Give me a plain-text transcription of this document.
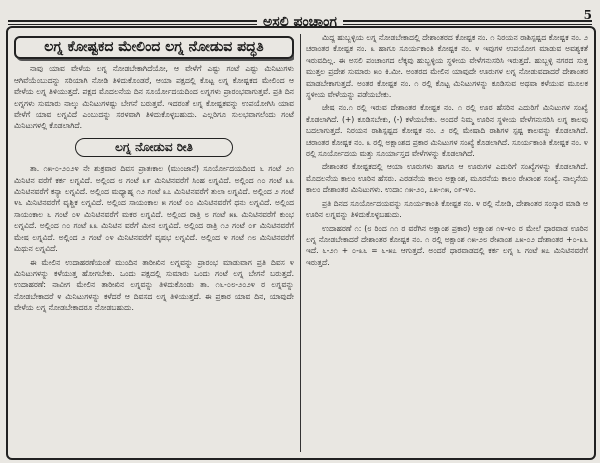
5
ಅಸಲಿ ಪಂಚಾಂಗ
ಲಗ್ನ ಕೋಷ್ಟಕದ ಮೇಲಿಂದ ಲಗ್ನ ನೋಡುವ ಪದ್ಧತಿ

ನಾವು ಯಾವ ವೇಳೆಯ ಲಗ್ನ ನೋಡಬೇಕಾಗಿದೆಯೋ, ಆ ವೇಳೆಗೆ ಎಷ್ಟು ಗಂಟೆ ಎಷ್ಟು ಮಿನಿಟುಗಳು ಆಗಿವೆಯೆಂಬುದನ್ನು ಸರಿಯಾಗಿ ನೋಡಿ ತಿಳಿದುಕೊಂಡರೆ, ಆಯಾ ಪಕ್ಷದಲ್ಲಿ ಕೊಟ್ಟ ಲಗ್ನ ಕೋಷ್ಟಕದ ಮೇಲಿಂದ ಆ ವೇಳೆಯ ಲಗ್ನ ತಿಳಿಯುತ್ತದೆ. ಪಕ್ಷದ ಮೊದಲನೆಯ ದಿನ ಸೂರ್ಯೋದಯದಿಂದ ಲಗ್ನಗಳು ಪ್ರಾರಂಭವಾಗುತ್ತವೆ. ಪ್ರತಿ ದಿನ ಲಗ್ನಗಳು ಸುಮಾರು ನಾಲ್ಕು ಮಿನಿಟುಗಳಷ್ಟು ಬೇಗನೆ ಬರುತ್ತವೆ. ಇದರಂತೆ ಲಗ್ನ ಕೋಷ್ಟಕವನ್ನು ಉಪಯೋಗಿಸಿ ಯಾವ ವೇಳೆಗೆ ಯಾವ ಲಗ್ನವಿದೆ ಎಂಬುದನ್ನು ಸರಳವಾಗಿ ತಿಳಿದುಕೊಳ್ಳಬಹುದು. ಎಲ್ಲರಿಗೂ ಸುಲಭವಾಗಲೆಂದು ಗಂಟೆ ಮಿನಿಟುಗಳಲ್ಲಿ ಕೊಡಲಾಗಿದೆ.

ಲಗ್ನ ನೋಡುವ ರೀತಿ

ತಾ. ೧೫-೦-೨೦೨೪ ನೇ ಶುಕ್ರವಾರ ದಿವಸ ಪ್ರಾತಃಕಾಲ (ಮುಂಜಾನೆ) ಸೂರ್ಯೋದಯದಿಂದ ೬ ಗಂಟೆ ೨೧ ಮಿನಿಟಿನ ವರೆಗೆ ಕರ್ಕ ಲಗ್ನವಿದೆ. ಅಲ್ಲಿಂದ ೮ ಗಂಟೆ ೩೯ ಮಿನಿಟಿನವರೆಗೆ ಸಿಂಹ ಲಗ್ನವಿದೆ. ಅಲ್ಲಿಂದ ೧೦ ಗಂಟೆ ೩೩ ಮಿನಿಟಿನವರೆಗೆ ಕನ್ಯಾ ಲಗ್ನವಿದೆ. ಅಲ್ಲಿಂದ ಮಧ್ಯಾಹ್ನ ೧೨ ಗಂಟೆ ೩೭ ಮಿನಿಟಿನವರೆಗೆ ತುಲಾ ಲಗ್ನವಿದೆ. ಅಲ್ಲಿಂದ ೨ ಗಂಟೆ ೪೬ ಮಿನಿಟಿನವರೆಗೆ ವೃಶ್ಚಿಕ ಲಗ್ನವಿದೆ. ಅಲ್ಲಿಂದ ಸಾಯಂಕಾಲ ೫ ಗಂಟೆ ೦೦ ಮಿನಿಟಿನವರೆಗೆ ಧನು ಲಗ್ನವಿದೆ. ಅಲ್ಲಿಂದ ಸಾಯಂಕಾಲ ೬ ಗಂಟೆ ೦೪ ಮಿನಿಟಿನವರೆಗೆ ಮಕರ ಲಗ್ನವಿದೆ. ಅಲ್ಲಿಂದ ರಾತ್ರಿ ೮ ಗಂಟೆ ೫೩ ಮಿನಿಟಿನವರೆಗೆ ಕುಂಭ ಲಗ್ನವಿದೆ. ಅಲ್ಲಿಂದ ೧೦ ಗಂಟೆ ೩೩ ಮಿನಿಟಿನ ವರೆಗೆ ಮೀನ ಲಗ್ನವಿದೆ. ಅಲ್ಲಿಂದ ರಾತ್ರಿ ೧೨ ಗಂಟೆ ೦೯ ಮಿನಿಟಿನವರೆಗೆ ಮೇಷ ಲಗ್ನವಿದೆ. ಅಲ್ಲಿಂದ ೨ ಗಂಟೆ ೦೪ ಮಿನಿಟಿನವರೆಗೆ ವೃಷಭ ಲಗ್ನವಿದೆ. ಅಲ್ಲಿಂದ ೪ ಗಂಟೆ ೧೮ ಮಿನಿಟಿನವರೆಗೆ ಮಿಥುನ ಲಗ್ನವಿದೆ.

ಈ ಮೇಲಿನ ಉದಾಹರಣೆಯಂತೆ ಮುಂದಿನ ತಾರೀಖಿನ ಲಗ್ನವನ್ನು ಪ್ರಾರಂಭ ಮಾಡುವಾಗ ಪ್ರತಿ ದಿವಸ ೪ ಮಿನಿಟುಗಳನ್ನು ಕಳೆಯುತ್ತ ಹೋಗಬೇಕು. ಒಂದು ಪಕ್ಷದಲ್ಲಿ ಸುಮಾರು ಒಂದು ಗಂಟೆ ಲಗ್ನ ಬೇಗನೆ ಬರುತ್ತದೆ. ಉದಾಹರಣೆ: ನಾವೀಗ ಮೇಲಿನ ತಾರೀಖಿನ ಲಗ್ನವನ್ನು ತಿಳಿದುಕೊಂಡು ತಾ. ೧೬-೦೮-೨೦೨೪ ರ ಲಗ್ನವನ್ನು ನೋಡಬೇಕಾದರೆ ೪ ಮಿನಿಟುಗಳನ್ನು ಕಳೆದರೆ ಆ ದಿವಸದ ಲಗ್ನ ತಿಳಿಯುತ್ತದೆ. ಈ ಪ್ರಕಾರ ಯಾವ ದಿನ, ಯಾವುದೇ ವೇಳೆಯ ಲಗ್ನ ನೋಡಬೇಕಾದರೂ ನೋಡಬಹುದು.

ಮಿದ್ದ ಹುಬ್ಬಳ್ಳಿಯ ಲಗ್ನ ನೋಡಬೇಕಾದಲ್ಲಿ ದೇಶಾಂತರದ ಕೋಷ್ಟಕ ನಂ. ೧ ನಿರಯನ ರಾಶಿಸ್ಪಷ್ಟದ ಕೋಷ್ಟಕ ನಂ. ೨ ಚರಾಂತರ ಕೋಷ್ಟಕ ನಂ. ೩ ಹಾಗೂ ಸೂರ್ಯಕಾಂತಿ ಕೋಷ್ಟಕ ನಂ. ೪ ಇವುಗಳ ಉಪಯೋಗ ಮಾಡುವ ಅವಶ್ಯಕತೆ ಇರುವದಿಲ್ಲ. ಈ ಅಸಲಿ ಪಂಚಾಂಗದ ಲೆಕ್ಕವು ಹುಬ್ಬಳ್ಳಿಯ ಸ್ಥಳೀಯ ವೇಳೆಗನುಸರಿಸಿ ಇರುತ್ತದೆ. ಹುಬ್ಬಳ್ಳಿ ನಗರದ ಸುತ್ತ ಮುತ್ತಲ ಪ್ರದೇಶ ಸುಮಾರು ೫೦ ಕಿ.ಮೀ. ಅಂತರದ ಮೇಲಿನ ಯಾವುದೇ ಊರುಗಳ ಲಗ್ನ ನೋಡುವದಾದರೆ ದೇಶಾಂತರ ಮಾಡಬೇಕಾಗುತ್ತದೆ. ಅಂತರ ಕೋಷ್ಟಕ ನಂ. ೧ ರಲ್ಲಿ ಕೊಟ್ಟ ಮಿನಿಟುಗಳನ್ನು ಕೂಡಿಸುವ ಅಥವಾ ಕಳೆಯುವ ಮೂಲಕ ಸ್ಥಳೀಯ ವೇಳೆಯನ್ನು ಪಡೆಯಬೇಕು.

ಜೇಷ ನಂ.೧ ರಲ್ಲಿ ಇರುವ ದೇಶಾಂತರ ಕೋಷ್ಟಕ ನಂ. ೧ ರಲ್ಲಿ ಊರ ಹೆಸರಿನ ಎದುರಿಗೆ ಮಿನಿಟುಗಳ ಸಂಖ್ಯೆ ಕೊಡಲಾಗಿದೆ. (+) ಕೂಡಿಸಬೇಕು, (-) ಕಳೆಯಬೇಕು. ಅಂದರೆ ನಿಮ್ಮ ಊರಿನ ಸ್ಥಳೀಯ ವೇಳೆಗನುಸರಿಸಿ ಲಗ್ನ ಕಾಲವು ಬದಲಾಗುತ್ತದೆ. ನಿರಯನ ರಾಶಿಸ್ಪಷ್ಟದ ಕೋಷ್ಟಕ ನಂ. ೨ ರಲ್ಲಿ ಮೇಷಾದಿ ರಾಶಿಗಳ ಸ್ಪಷ್ಟ ಕಾಲವನ್ನು ಕೊಡಲಾಗಿದೆ. ಚರಾಂತರ ಕೋಷ್ಟಕ ನಂ. ೩ ರಲ್ಲಿ ಅಕ್ಷಾಂಶದ ಪ್ರಕಾರ ಮಿನಿಟುಗಳ ಸಂಖ್ಯೆ ಕೊಡಲಾಗಿದೆ. ಸೂರ್ಯಕಾಂತಿ ಕೋಷ್ಟಕ ನಂ. ೪ ರಲ್ಲಿ ಸೂರ್ಯೋದಯ ಮತ್ತು ಸೂರ್ಯಾಸ್ತದ ವೇಳೆಗಳನ್ನು ಕೊಡಲಾಗಿದೆ.

ದೇಶಾಂತರ ಕೋಷ್ಟಕದಲ್ಲಿ ಆಯಾ ಊರುಗಳು ಹಾಗೂ ಆ ಊರುಗಳ ಎದುರಿಗೆ ಸಂಖ್ಯೆಗಳನ್ನು ಕೊಡಲಾಗಿದೆ. ಮೊದಲನೆಯ ಕಾಲಂ ಊರಿನ ಹೆಸರು. ಎರಡನೆಯ ಕಾಲಂ ಅಕ್ಷಾಂಶ, ಮೂರನೆಯ ಕಾಲಂ ರೇಖಾಂಶ ಸಂಖ್ಯೆ. ನಾಲ್ಕನೆಯ ಕಾಲಂ ದೇಶಾಂತರ ಮಿನಿಟುಗಳು. ಉದಾ: ೧೫-೨೦, ೭೫-೧೫, ೦೯-೪೦.

ಪ್ರತಿ ದಿನದ ಸೂರ್ಯೋದಯವನ್ನು ಸೂರ್ಯಕಾಂತಿ ಕೋಷ್ಟಕ ನಂ. ೪ ರಲ್ಲಿ ನೋಡಿ, ದೇಶಾಂತರ ಸಂಸ್ಕಾರ ಮಾಡಿ ಆ ಊರಿನ ಲಗ್ನವನ್ನು ತಿಳಿದುಕೊಳ್ಳಬಹುದು.

ಉದಾಹರಣೆ ೧: (೮ ರಿಂದ ೧೧ ರ ವರೆಗಿನ ಅಕ್ಷಾಂಶ ಪ್ರಕಾರ) ಅಕ್ಷಾಂಶ ೧೪-೪೦ ರ ಮೇಲೆ ಧಾರವಾಡ ಊರಿನ ಲಗ್ನ ನೋಡಬೇಕಾದರೆ ದೇಶಾಂತರ ಕೋಷ್ಟಕ ನಂ. ೧ ರಲ್ಲಿ ಅಕ್ಷಾಂಶ ೧೫-೨೮ ರೇಖಾಂಶ ೭೫-೦೨ ದೇಶಾಂತರ +೦-೩೬ ಇದೆ. ೬-೨೧ + ೦-೩೬ = ೬-೫೭ ಆಗುತ್ತದೆ. ಅಂದರೆ ಧಾರವಾಡದಲ್ಲಿ ಕರ್ಕ ಲಗ್ನ ೬ ಗಂಟೆ ೫೭ ಮಿನಿಟಿನವರೆಗೆ ಇರುತ್ತದೆ.
